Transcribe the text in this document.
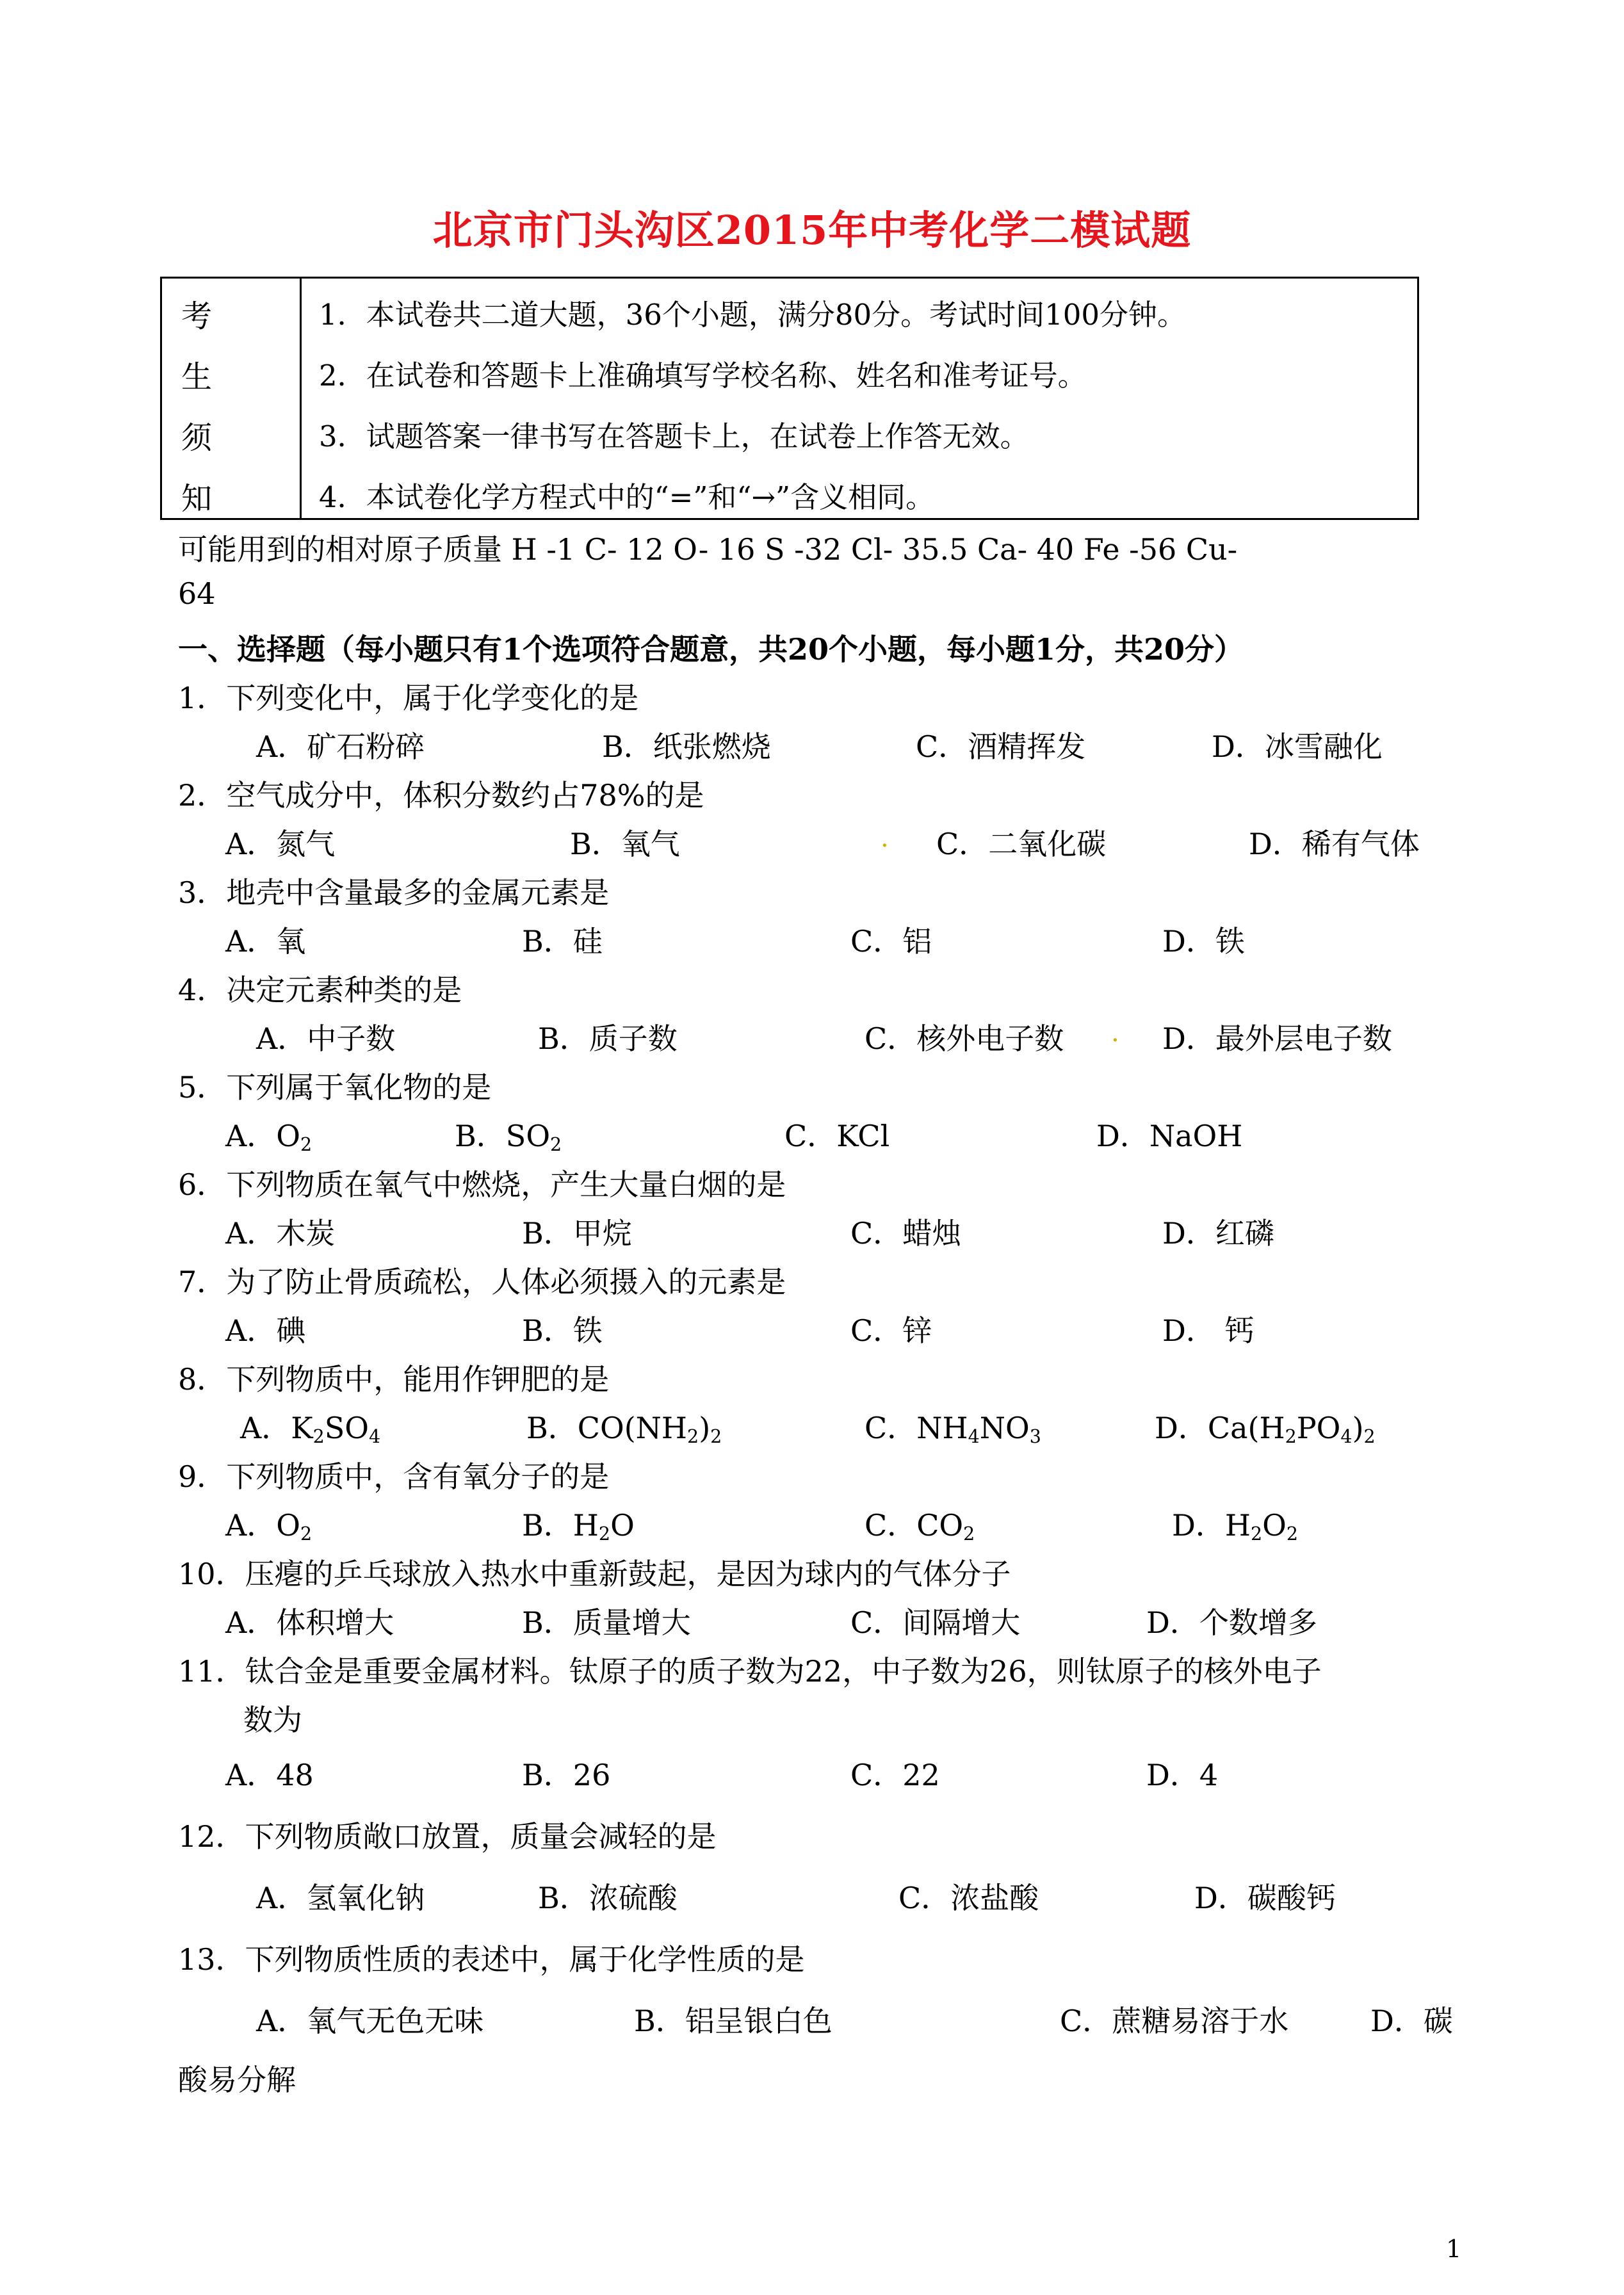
北京市门头沟区2015年中考化学二模试题
考
生
须
知
1．本试卷共二道大题，36个小题，满分80分。考试时间100分钟。
2．在试卷和答题卡上准确填写学校名称、姓名和准考证号。
3．试题答案一律书写在答题卡上，在试卷上作答无效。
4．本试卷化学方程式中的“=”和“→”含义相同。
可能用到的相对原子质量 H -1 C- 12 O- 16 S -32 Cl- 35.5 Ca- 40 Fe -56 Cu-
64
一、选择题（每小题只有1个选项符合题意，共20个小题，每小题1分，共20分）
1．下列变化中，属于化学变化的是
A．矿石粉碎	B．纸张燃烧	C．酒精挥发	D．冰雪融化
2．空气成分中，体积分数约占78%的是
A．氮气	B．氧气	. C．二氧化碳	D．稀有气体
3．地壳中含量最多的金属元素是
A．氧	B．硅	C．铝	D．铁
4．决定元素种类的是
A．中子数	B．质子数	C．核外电子数 . D．最外层电子数
5．下列属于氧化物的是
A．$O_2$	B．$SO_2$	C．KCl	D．NaOH
6．下列物质在氧气中燃烧，产生大量白烟的是
A．木炭	B．甲烷	C．蜡烛	D．红磷
7．为了防止骨质疏松，人体必须摄入的元素是
A．碘	B．铁	C．锌	D． 钙
8．下列物质中，能用作钾肥的是
A．$K_2SO_4$	B．$CO(NH_2)_2$	C．$NH_4NO_3$	D．$Ca(H_2PO_4)_2$
9．下列物质中，含有氧分子的是
A．$O_2$	B．$H_2O$	C．$CO_2$	D．$H_2O_2$
10．压瘪的乒乓球放入热水中重新鼓起，是因为球内的气体分子
A．体积增大	B．质量增大	C．间隔增大	D．个数增多
11．钛合金是重要金属材料。钛原子的质子数为22，中子数为26，则钛原子的核外电子
数为
A．48	B．26	C．22	D．4
12．下列物质敞口放置，质量会减轻的是
A．氢氧化钠	B．浓硫酸	C．浓盐酸	D．碳酸钙
13．下列物质性质的表述中，属于化学性质的是
A．氧气无色无味	B．铝呈银白色	C．蔗糖易溶于水	D．碳
酸易分解
1
